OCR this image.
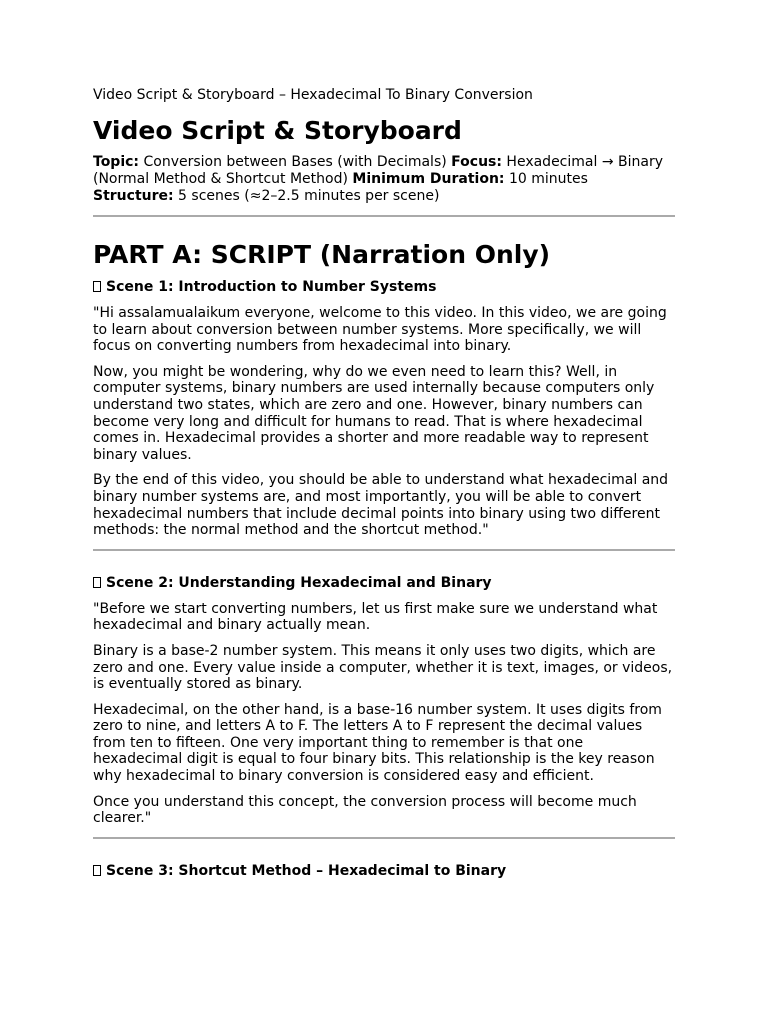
Video Script & Storyboard – Hexadecimal To Binary Conversion

Video Script & Storyboard

Topic: Conversion between Bases (with Decimals) Focus: Hexadecimal → Binary (Normal Method & Shortcut Method) Minimum Duration: 10 minutes
Structure: 5 scenes (≈2–2.5 minutes per scene)

PART A: SCRIPT (Narration Only)
Scene 1: Introduction to Number Systems

"Hi assalamualaikum everyone, welcome to this video. In this video, we are going to learn about conversion between number systems. More specifically, we will focus on converting numbers from hexadecimal into binary.

Now, you might be wondering, why do we even need to learn this? Well, in computer systems, binary numbers are used internally because computers only understand two states, which are zero and one. However, binary numbers can become very long and difficult for humans to read. That is where hexadecimal comes in. Hexadecimal provides a shorter and more readable way to represent binary values.

By the end of this video, you should be able to understand what hexadecimal and binary number systems are, and most importantly, you will be able to convert hexadecimal numbers that include decimal points into binary using two different methods: the normal method and the shortcut method."

Scene 2: Understanding Hexadecimal and Binary

"Before we start converting numbers, let us first make sure we understand what hexadecimal and binary actually mean.

Binary is a base-2 number system. This means it only uses two digits, which are zero and one. Every value inside a computer, whether it is text, images, or videos, is eventually stored as binary.

Hexadecimal, on the other hand, is a base-16 number system. It uses digits from zero to nine, and letters A to F. The letters A to F represent the decimal values from ten to fifteen. One very important thing to remember is that one hexadecimal digit is equal to four binary bits. This relationship is the key reason why hexadecimal to binary conversion is considered easy and efficient.

Once you understand this concept, the conversion process will become much clearer."

Scene 3: Shortcut Method – Hexadecimal to Binary
